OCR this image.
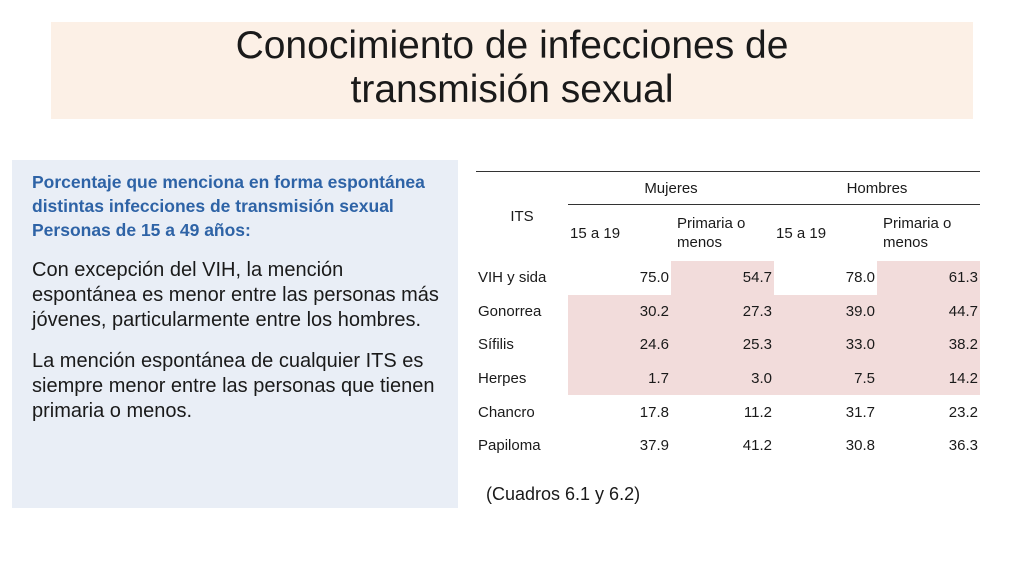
Conocimiento de infecciones de
transmisión sexual

Porcentaje que menciona en forma espontánea distintas infecciones de transmisión sexual Personas de 15 a 49 años:

Con excepción del VIH, la mención espontánea es menor entre las personas más jóvenes, particularmente entre los hombres.

La mención espontánea de cualquier ITS es siempre menor entre las personas que tienen primaria o menos.

ITS	Mujeres		Hombres	
	15 a 19	Primaria o menos	15 a 19	Primaria o menos
VIH y sida	75.0	54.7	78.0	61.3
Gonorrea	30.2	27.3	39.0	44.7
Sífilis	24.6	25.3	33.0	38.2
Herpes	1.7	3.0	7.5	14.2
Chancro	17.8	11.2	31.7	23.2
Papiloma	37.9	41.2	30.8	36.3
(Cuadros 6.1 y 6.2)
